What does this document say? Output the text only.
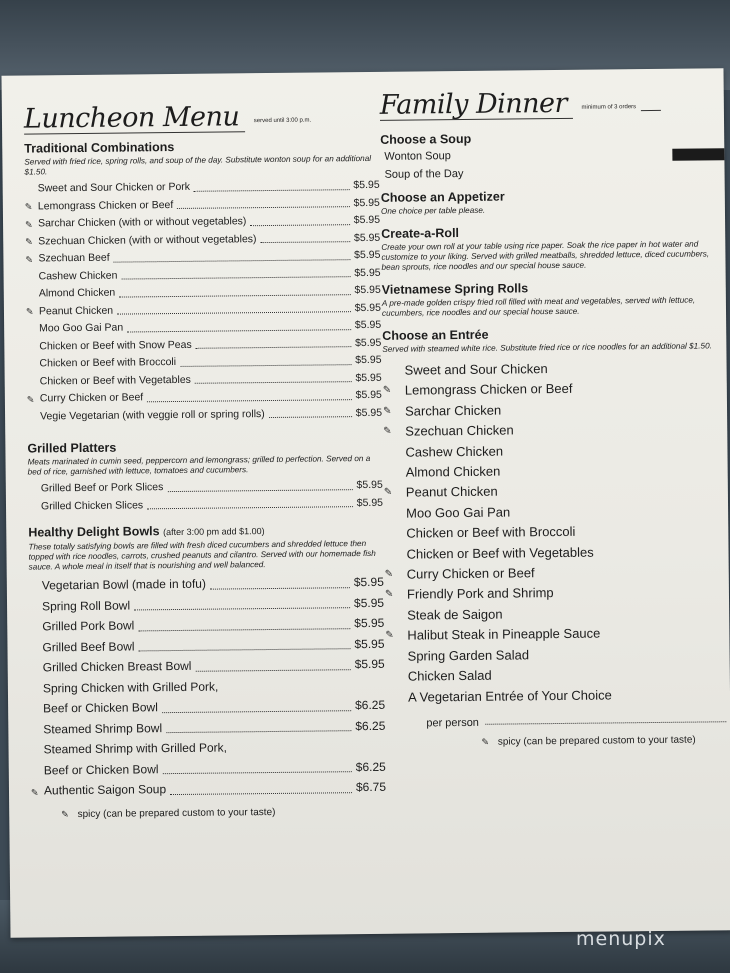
Luncheon Menu served until 3:00 p.m.
Traditional Combinations
Served with fried rice, spring rolls, and soup of the day. Substitute wonton soup for an additional $1.50.
Sweet and Sour Chicken or Pork	$5.95
✎ Lemongrass Chicken or Beef	$5.95
✎ Sarchar Chicken (with or without vegetables)	$5.95
✎ Szechuan Chicken (with or without vegetables)	$5.95
✎ Szechuan Beef	$5.95
Cashew Chicken	$5.95
Almond Chicken	$5.95
✎ Peanut Chicken	$5.95
Moo Goo Gai Pan	$5.95
Chicken or Beef with Snow Peas	$5.95
Chicken or Beef with Broccoli	$5.95
Chicken or Beef with Vegetables	$5.95
✎ Curry Chicken or Beef	$5.95
Vegie Vegetarian (with veggie roll or spring rolls)	$5.95
Grilled Platters
Meats marinated in cumin seed, peppercorn and lemongrass; grilled to perfection. Served on a bed of rice, garnished with lettuce, tomatoes and cucumbers.
Grilled Beef or Pork Slices	$5.95
Grilled Chicken Slices	$5.95
Healthy Delight Bowls (after 3:00 pm add $1.00)
These totally satisfying bowls are filled with fresh diced cucumbers and shredded lettuce then topped with rice noodles, carrots, crushed peanuts and cilantro. Served with our homemade fish sauce. A whole meal in itself that is nourishing and well balanced.
Vegetarian Bowl (made in tofu)	$5.95
Spring Roll Bowl	$5.95
Grilled Pork Bowl	$5.95
Grilled Beef Bowl	$5.95
Grilled Chicken Breast Bowl	$5.95
Spring Chicken with Grilled Pork,
Beef or Chicken Bowl	$6.25
Steamed Shrimp Bowl	$6.25
Steamed Shrimp with Grilled Pork,
Beef or Chicken Bowl	$6.25
✎ Authentic Saigon Soup	$6.75
✎ spicy (can be prepared custom to your taste)
Family Dinner minimum of 3 orders
Choose a Soup
Wonton Soup
Soup of the Day
Choose an Appetizer
One choice per table please.
Create-a-Roll
Create your own roll at your table using rice paper. Soak the rice paper in hot water and customize to your liking. Served with grilled meatballs, shredded lettuce, diced cucumbers, bean sprouts, rice noodles and our special house sauce.
Vietnamese Spring Rolls
A pre-made golden crispy fried roll filled with meat and vegetables, served with lettuce, cucumbers, rice noodles and our special house sauce.
Choose an Entrée
Served with steamed white rice. Substitute fried rice or rice noodles for an additional $1.50.
Sweet and Sour Chicken
✎	Lemongrass Chicken or Beef
✎	Sarchar Chicken
✎	Szechuan Chicken
Cashew Chicken
Almond Chicken
✎	Peanut Chicken
Moo Goo Gai Pan
Chicken or Beef with Broccoli
Chicken or Beef with Vegetables
✎	Curry Chicken or Beef
✎	Friendly Pork and Shrimp
Steak de Saigon
✎	Halibut Steak in Pineapple Sauce
Spring Garden Salad
Chicken Salad
A Vegetarian Entrée of Your Choice
per person
✎ spicy (can be prepared custom to your taste)
menupix
